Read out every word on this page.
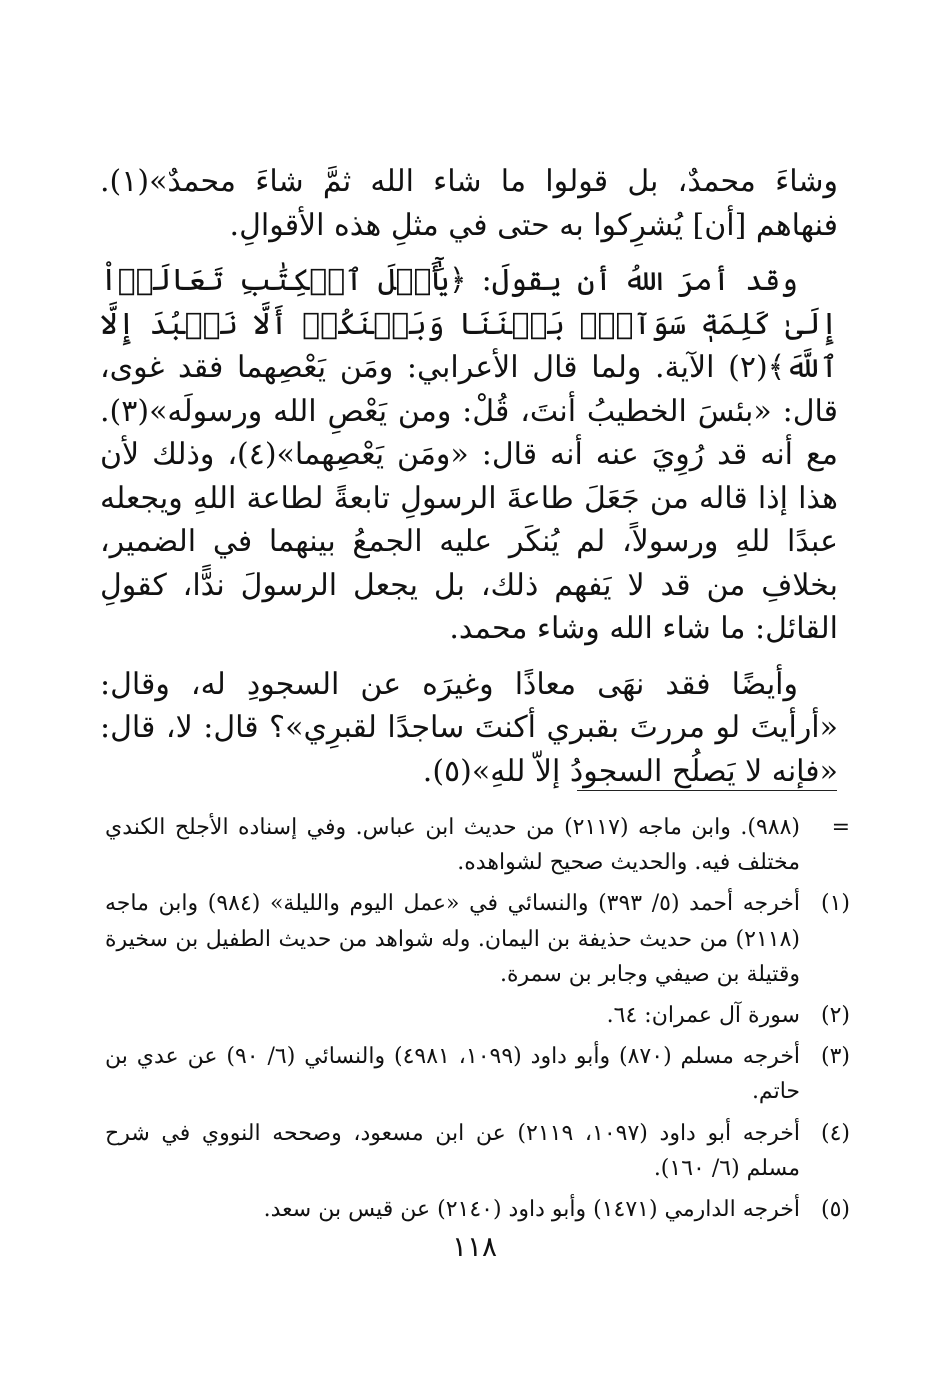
وشاءَ محمدٌ، بل قولوا ما شاء الله ثمَّ شاءَ محمدٌ»(١). فنهاهم [أن] يُشرِكوا به حتى في مثلِ هذه الأقوالِ.

وقد أمرَ اللهُ أن يقولَ: ﴿يَٰٓأَهۡلَ ٱلۡكِتَٰبِ تَعَالَوۡاْ إِلَىٰ كَلِمَةٖ سَوَآءِۭ بَيۡنَنَا وَبَيۡنَكُمۡ أَلَّا نَعۡبُدَ إِلَّا ٱللَّهَ﴾(٢) الآية. ولما قال الأعرابي: ومَن يَعْصِهما فقد غوى، قال: «بئسَ الخطيبُ أنتَ، قُلْ: ومن يَعْصِ الله ورسولَه»(٣). مع أنه قد رُوِيَ عنه أنه قال: «ومَن يَعْصِهما»(٤)، وذلك لأن هذا إذا قاله من جَعَلَ طاعةَ الرسولِ تابعةً لطاعة اللهِ ويجعله عبدًا للهِ ورسولاً، لم يُنكَر عليه الجمعُ بينهما في الضمير، بخلافِ من قد لا يَفهم ذلك، بل يجعل الرسولَ ندًّا، كقولِ القائل: ما شاء الله وشاء محمد.

وأيضًا فقد نهَى معاذًا وغيرَه عن السجودِ له، وقال: «أرأيتَ لو مررتَ بقبري أكنتَ ساجدًا لقبرِي»؟ قال: لا، قال: «فإنه لا يَصلُح السجودُ إلاّ للهِ»(٥).

=
(٩٨٨). وابن ماجه (٢١١٧) من حديث ابن عباس. وفي إسناده الأجلح الكندي مختلف فيه. والحديث صحيح لشواهده.
(١)
أخرجه أحمد (٥/ ٣٩٣) والنسائي في «عمل اليوم والليلة» (٩٨٤) وابن ماجه (٢١١٨) من حديث حذيفة بن اليمان. وله شواهد من حديث الطفيل بن سخيرة وقتيلة بن صيفي وجابر بن سمرة.
(٢)
سورة آل عمران: ٦٤.
(٣)
أخرجه مسلم (٨٧٠) وأبو داود (١٠٩٩، ٤٩٨١) والنسائي (٦/ ٩٠) عن عدي بن حاتم.
(٤)
أخرجه أبو داود (١٠٩٧، ٢١١٩) عن ابن مسعود، وصححه النووي في شرح مسلم (٦/ ١٦٠).
(٥)
أخرجه الدارمي (١٤٧١) وأبو داود (٢١٤٠) عن قيس بن سعد.
١١٨
